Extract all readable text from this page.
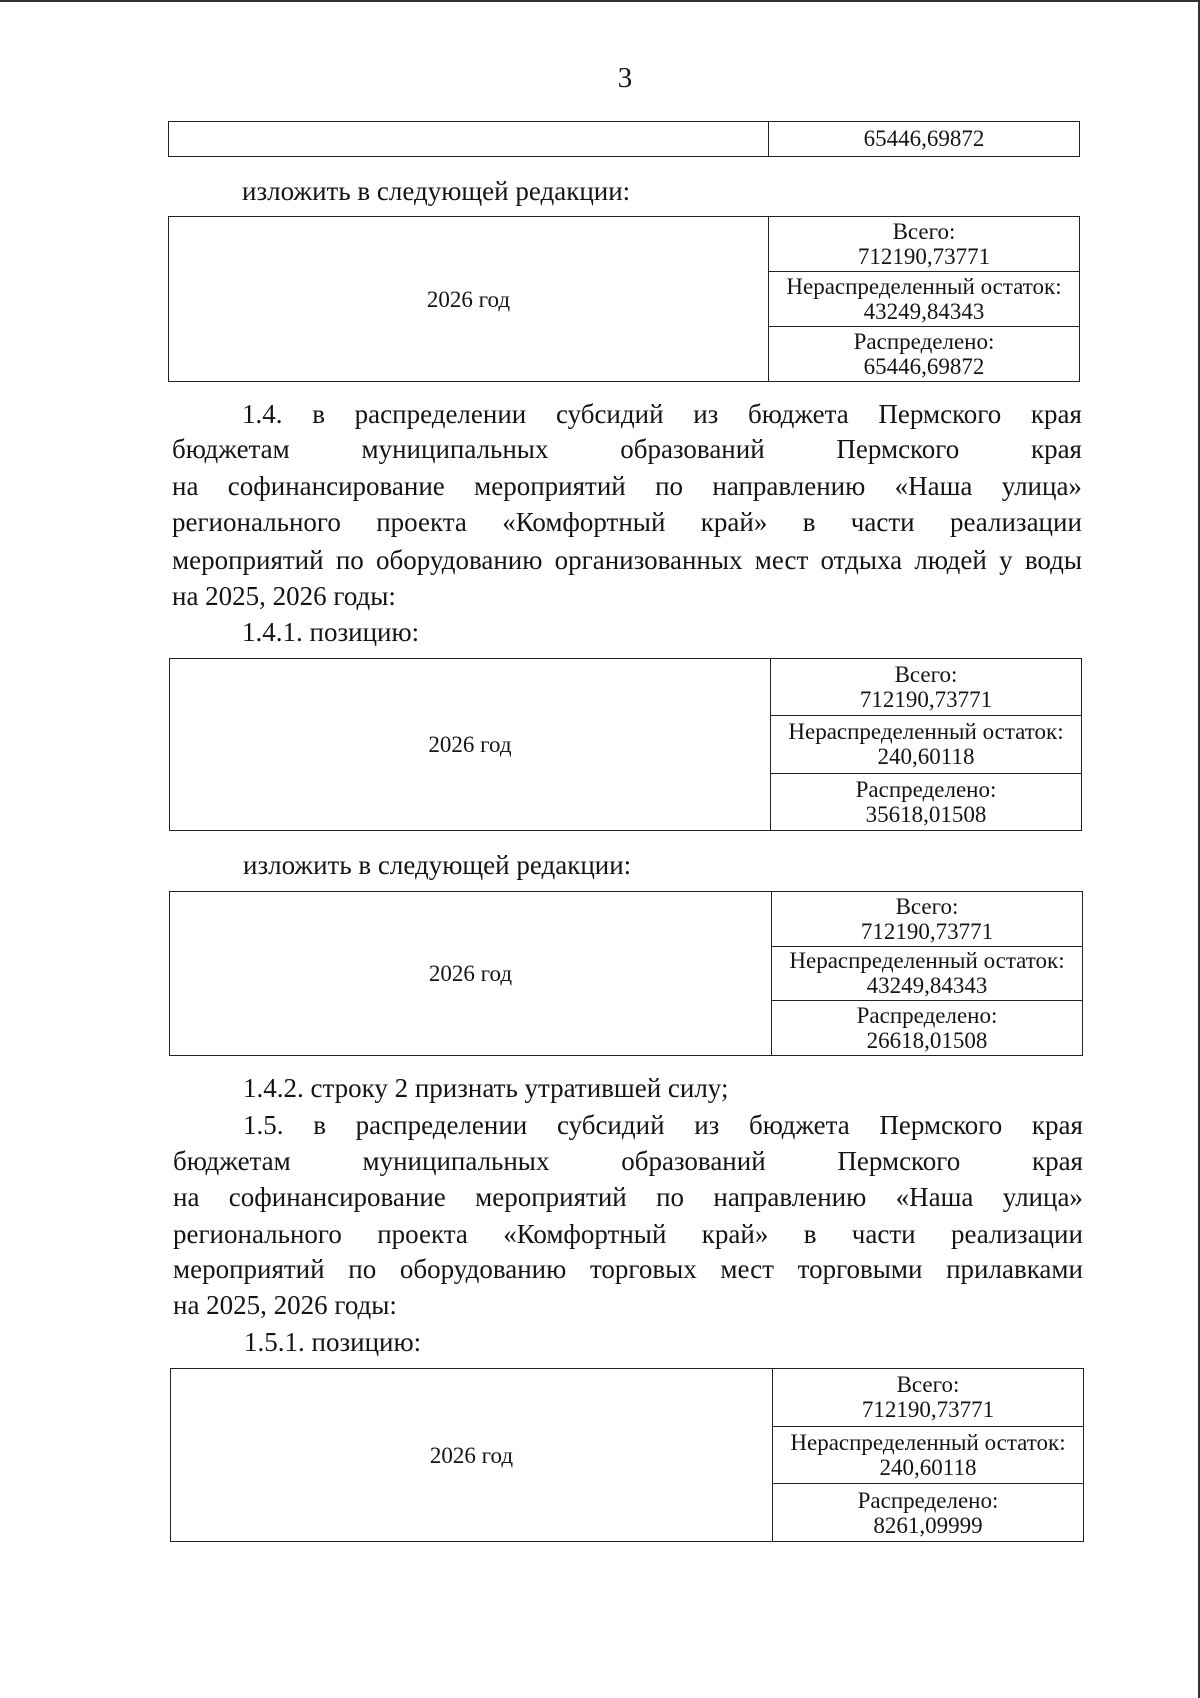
3
65446,69872
изложить в следующей редакции:
2026 год	Всего:
712190,73771
Нераспределенный остаток:
43249,84343
Распределено:
65446,69872
1.4. в распределении субсидий из бюджета Пермского края
бюджетам	муниципальных	образований	Пермского	края
на софинансирование мероприятий по направлению «Наша улица»
регионального проекта «Комфортный край» в части реализации
мероприятий по оборудованию организованных мест отдыха людей у воды
на 2025, 2026 годы:
1.4.1. позицию:
2026 год	Всего:
712190,73771
Нераспределенный остаток:
240,60118
Распределено:
35618,01508
изложить в следующей редакции:
2026 год	Всего:
712190,73771
Нераспределенный остаток:
43249,84343
Распределено:
26618,01508
1.4.2. строку 2 признать утратившей силу;
1.5. в распределении субсидий из бюджета Пермского края
бюджетам	муниципальных	образований	Пермского	края
на софинансирование мероприятий по направлению «Наша улица»
регионального проекта «Комфортный край» в части реализации
мероприятий по оборудованию торговых мест торговыми прилавками
на 2025, 2026 годы:
1.5.1. позицию:
2026 год	Всего:
712190,73771
Нераспределенный остаток:
240,60118
Распределено:
8261,09999
